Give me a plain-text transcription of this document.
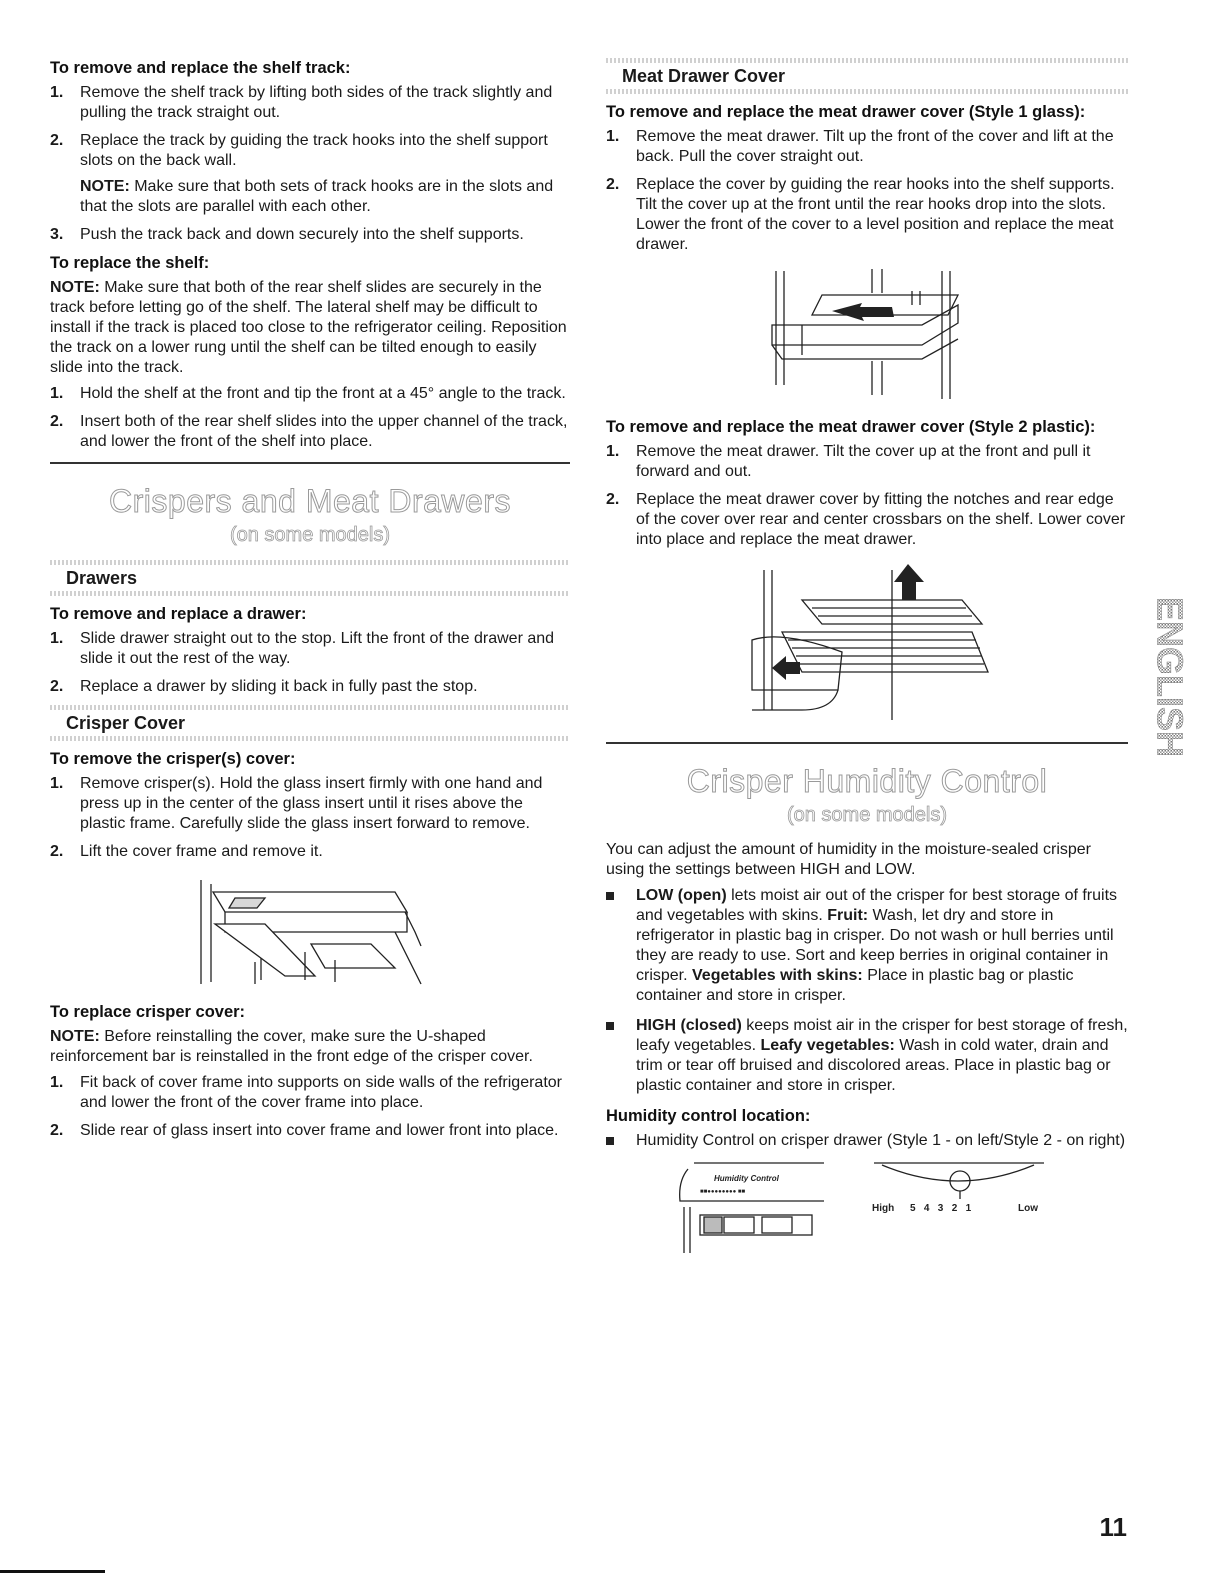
To remove and replace the shelf track:
1. Remove the shelf track by lifting both sides of the track slightly and pulling the track straight out.
2. Replace the track by guiding the track hooks into the shelf support slots on the back wall.
NOTE: Make sure that both sets of track hooks are in the slots and that the slots are parallel with each other.
3. Push the track back and down securely into the shelf supports.
To replace the shelf:
NOTE: Make sure that both of the rear shelf slides are securely in the track before letting go of the shelf. The lateral shelf may be difficult to install if the track is placed too close to the refrigerator ceiling. Reposition the track on a lower rung until the shelf can be tilted enough to easily slide into the track.
1. Hold the shelf at the front and tip the front at a 45° angle to the track.
2. Insert both of the rear shelf slides into the upper channel of the track, and lower the front of the shelf into place.
Crispers and Meat Drawers
(on some models)
Drawers
To remove and replace a drawer:
1. Slide drawer straight out to the stop. Lift the front of the drawer and slide it out the rest of the way.
2. Replace a drawer by sliding it back in fully past the stop.
Crisper Cover
To remove the crisper(s) cover:
1. Remove crisper(s). Hold the glass insert firmly with one hand and press up in the center of the glass insert until it rises above the plastic frame. Carefully slide the glass insert forward to remove.
2. Lift the cover frame and remove it.
To replace crisper cover:
NOTE: Before reinstalling the cover, make sure the U-shaped reinforcement bar is reinstalled in the front edge of the crisper cover.
1. Fit back of cover frame into supports on side walls of the refrigerator and lower the front of the cover frame into place.
2. Slide rear of glass insert into cover frame and lower front into place.
Meat Drawer Cover
To remove and replace the meat drawer cover (Style 1 glass):
1. Remove the meat drawer. Tilt up the front of the cover and lift at the back. Pull the cover straight out.
2. Replace the cover by guiding the rear hooks into the shelf supports. Tilt the cover up at the front until the rear hooks drop into the slots. Lower the front of the cover to a level position and replace the meat drawer.
To remove and replace the meat drawer cover (Style 2 plastic):
1. Remove the meat drawer. Tilt the cover up at the front and pull it forward and out.
2. Replace the meat drawer cover by fitting the notches and rear edge of the cover over rear and center crossbars on the shelf. Lower cover into place and replace the meat drawer.
Crisper Humidity Control
(on some models)
You can adjust the amount of humidity in the moisture-sealed crisper using the settings between HIGH and LOW.
LOW (open) lets moist air out of the crisper for best storage of fruits and vegetables with skins. Fruit: Wash, let dry and store in refrigerator in plastic bag in crisper. Do not wash or hull berries until they are ready to use. Sort and keep berries in original container in crisper. Vegetables with skins: Place in plastic bag or plastic container and store in crisper.
HIGH (closed) keeps moist air in the crisper for best storage of fresh, leafy vegetables. Leafy vegetables: Wash in cold water, drain and trim or tear off bruised and discolored areas. Place in plastic bag or plastic container and store in crisper.
Humidity control location:
Humidity Control on crisper drawer (Style 1 - on left/Style 2 - on right)
Humidity Control
■■●●●●●●●● ■■
High 5   4   3   2   1	Low
ENGLISH
11
